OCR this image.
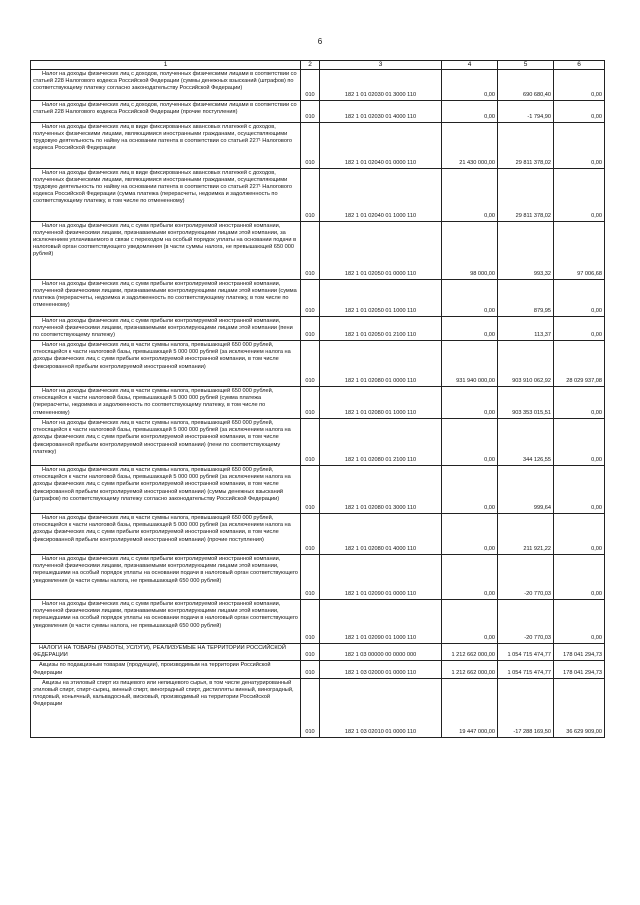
6
1	2	3	4	5	6

Налог на доходы физических лиц с доходов, полученных физическими лицами в соответствии со статьей 228 Налогового кодекса Российской Федерации (суммы денежных взысканий (штрафов) по соответствующему платежу согласно законодательству Российской Федерации)	010	182 1 01 02030 01 3000 110	0,00	690 680,40	0,00

Налог на доходы физических лиц с доходов, полученных физическими лицами в соответствии со статьей 228 Налогового кодекса Российской Федерации (прочие поступления)	010	182 1 01 02030 01 4000 110	0,00	-1 794,90	0,00

Налог на доходы физических лиц в виде фиксированных авансовых платежей с доходов, полученных физическими лицами, являющимися иностранными гражданами, осуществляющими трудовую деятельность по найму на основании патента в соответствии со статьей 227¹ Налогового кодекса Российской Федерации	010	182 1 01 02040 01 0000 110	21 430 000,00	29 811 378,02	0,00

Налог на доходы физических лиц в виде фиксированных авансовых платежей с доходов, полученных физическими лицами, являющимися иностранными гражданами, осуществляющими трудовую деятельность по найму на основании патента в соответствии со статьей 227¹ Налогового кодекса Российской Федерации (сумма платежа (перерасчеты, недоимка и задолженность по соответствующему платежу, в том числе по отмененному)	010	182 1 01 02040 01 1000 110	0,00	29 811 378,02	0,00

Налог на доходы физических лиц с сумм прибыли контролируемой иностранной компании, полученной физическими лицами, признаваемыми контролирующими лицами этой компании, за исключением уплачиваемого в связи с переходом на особый порядок уплаты на основании подачи в налоговый орган соответствующего уведомления (в части суммы налога, не превышающей 650 000 рублей)	010	182 1 01 02050 01 0000 110	98 000,00	993,32	97 006,68

Налог на доходы физических лиц с сумм прибыли контролируемой иностранной компании, полученной физическими лицами, признаваемыми контролирующими лицами этой компании (сумма платежа (перерасчеты, недоимка и задолженность по соответствующему платежу, в том числе по отмененному)	010	182 1 01 02050 01 1000 110	0,00	879,95	0,00

Налог на доходы физических лиц с сумм прибыли контролируемой иностранной компании, полученной физическими лицами, признаваемыми контролирующими лицами этой компании (пени по соответствующему платежу)	010	182 1 01 02050 01 2100 110	0,00	113,37	0,00

Налог на доходы физических лиц в части суммы налога, превышающей 650 000 рублей, относящейся к части налоговой базы, превышающей 5 000 000 рублей (за исключением налога на доходы физических лиц с сумм прибыли контролируемой иностранной компании, в том числе фиксированной прибыли контролируемой иностранной компании)	010	182 1 01 02080 01 0000 110	931 940 000,00	903 910 062,92	28 029 937,08

Налог на доходы физических лиц в части суммы налога, превышающей 650 000 рублей, относящейся к части налоговой базы, превышающей 5 000 000 рублей (сумма платежа (перерасчеты, недоимка и задолженность по соответствующему платежу, в том числе по отмененному)	010	182 1 01 02080 01 1000 110	0,00	903 353 015,51	0,00

Налог на доходы физических лиц в части суммы налога, превышающей 650 000 рублей, относящейся к части налоговой базы, превышающей 5 000 000 рублей (за исключением налога на доходы физических лиц с сумм прибыли контролируемой иностранной компании, в том числе фиксированной прибыли контролируемой иностранной компании) (пени по соответствующему платежу)	010	182 1 01 02080 01 2100 110	0,00	344 126,55	0,00

Налог на доходы физических лиц в части суммы налога, превышающей 650 000 рублей, относящейся к части налоговой базы, превышающей 5 000 000 рублей (за исключением налога на доходы физических лиц с сумм прибыли контролируемой иностранной компании, в том числе фиксированной прибыли контролируемой иностранной компании) (суммы денежных взысканий (штрафов) по соответствующему платежу согласно законодательству Российской Федерации)	010	182 1 01 02080 01 3000 110	0,00	999,64	0,00

Налог на доходы физических лиц в части суммы налога, превышающей 650 000 рублей, относящейся к части налоговой базы, превышающей 5 000 000 рублей (за исключением налога на доходы физических лиц с сумм прибыли контролируемой иностранной компании, в том числе фиксированной прибыли контролируемой иностранной компании) (прочие поступления)	010	182 1 01 02080 01 4000 110	0,00	211 921,22	0,00

Налог на доходы физических лиц с сумм прибыли контролируемой иностранной компании, полученной физическими лицами, признаваемыми контролирующими лицами этой компании, перешедшими на особый порядок уплаты на основании подачи в налоговый орган соответствующего уведомления (в части суммы налога, не превышающей 650 000 рублей)	010	182 1 01 02090 01 0000 110	0,00	-20 770,03	0,00

Налог на доходы физических лиц с сумм прибыли контролируемой иностранной компании, полученной физическими лицами, признаваемыми контролирующими лицами этой компании, перешедшими на особый порядок уплаты на основании подачи в налоговый орган соответствующего уведомления (в части суммы налога, не превышающей 650 000 рублей)	010	182 1 01 02090 01 1000 110	0,00	-20 770,03	0,00
НАЛОГИ НА ТОВАРЫ (РАБОТЫ, УСЛУГИ), РЕАЛИЗУЕМЫЕ НА ТЕРРИТОРИИ РОССИЙСКОЙ ФЕДЕРАЦИИ	010	182 1 03 00000 00 0000 000	1 212 662 000,00	1 054 715 474,77	178 041 294,73
Акцизы по подакцизным товарам (продукции), производимым на территории Российской Федерации	010	182 1 03 02000 01 0000 110	1 212 662 000,00	1 054 715 474,77	178 041 294,73

Акцизы на этиловый спирт из пищевого или непищевого сырья, в том числе денатурированный этиловый спирт, спирт-сырец, винный спирт, виноградный спирт, дистилляты винный, виноградный, плодовый, коньячный, кальвадосный, висковый, производимый на территории Российской Федерации	010	182 1 03 02010 01 0000 110	19 447 000,00	-17 288 169,50	36 629 909,00
